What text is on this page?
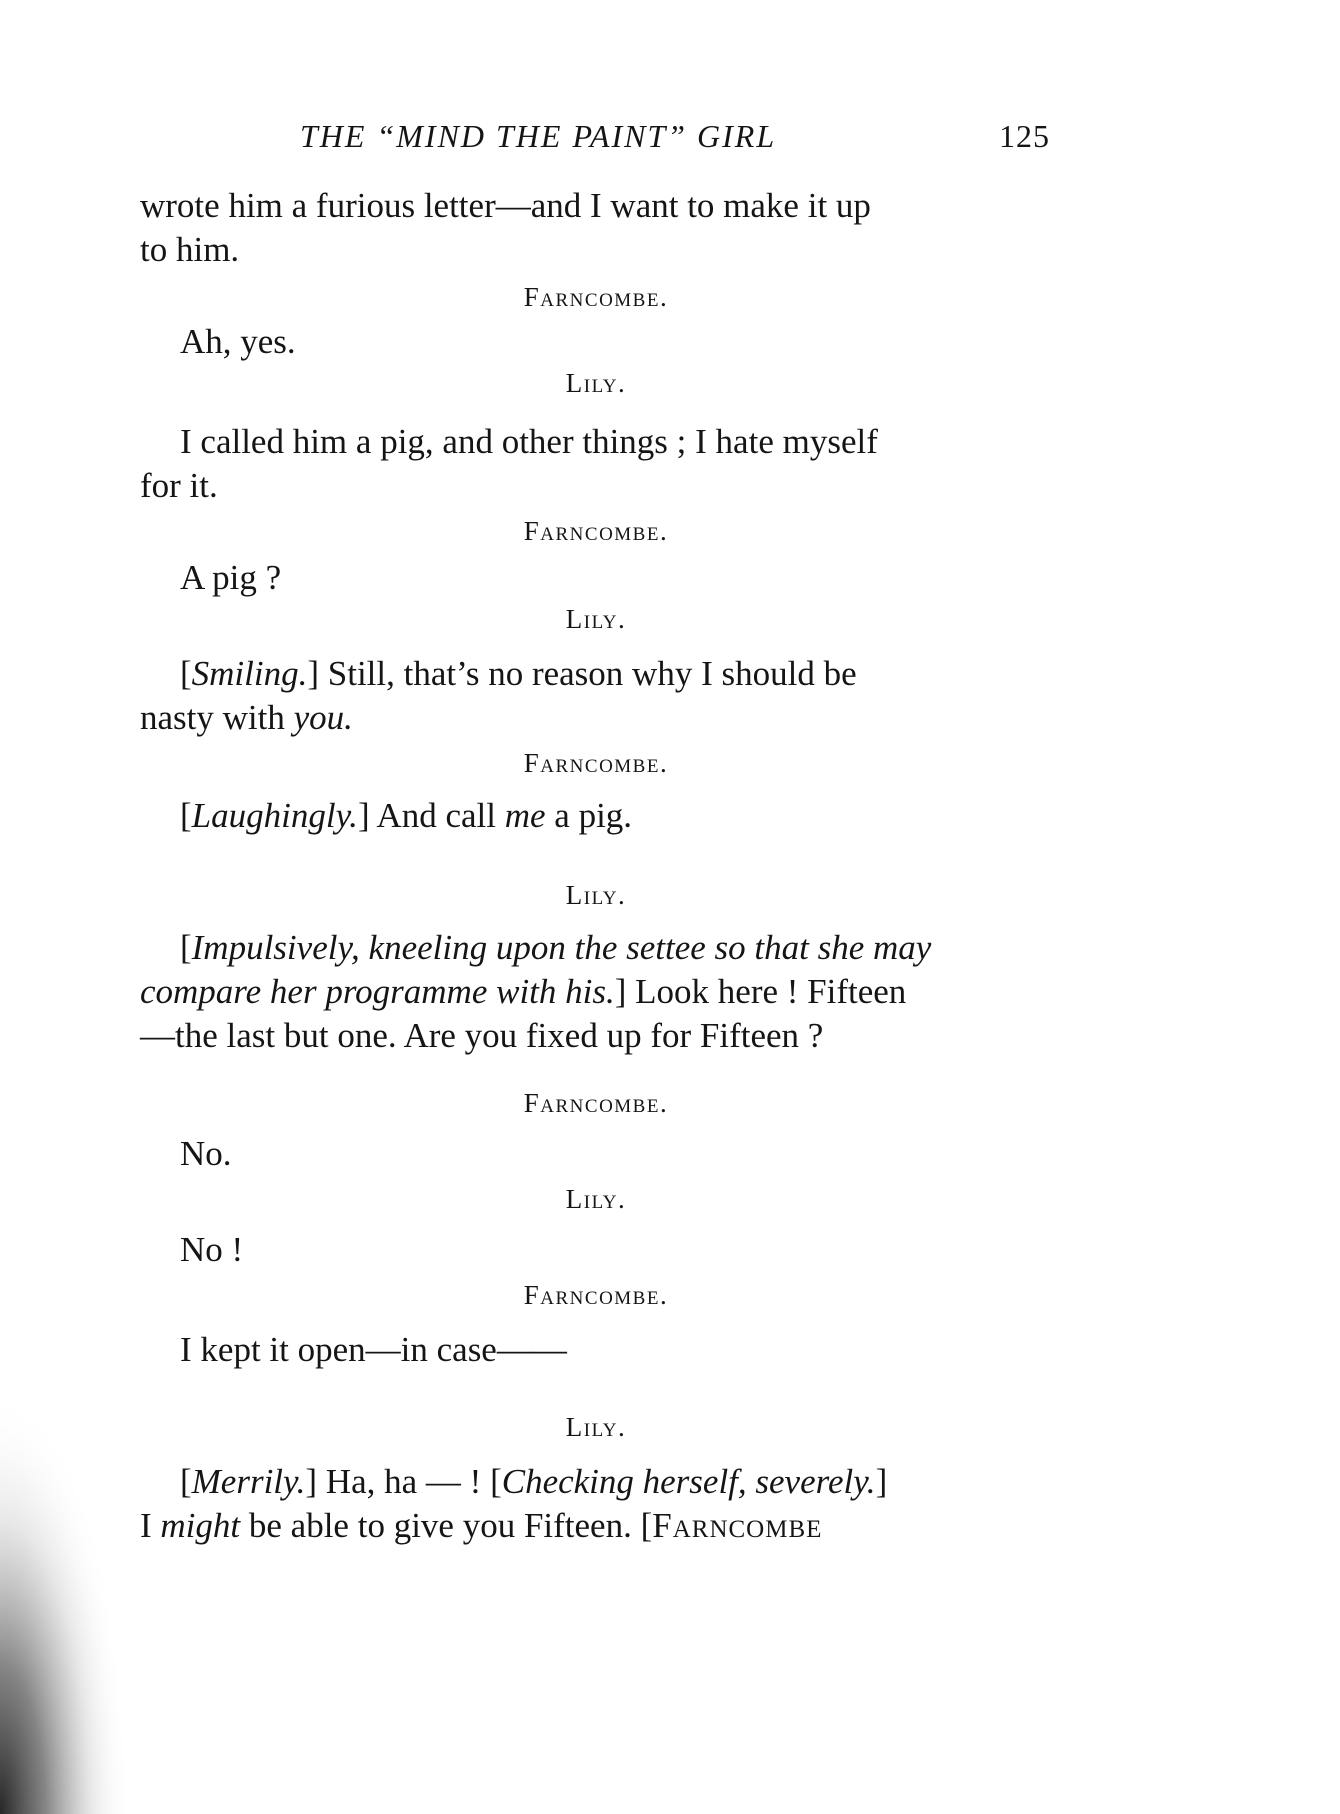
THE “MIND THE PAINT” GIRL	125
wrote him a furious letter—and I want to make it up
to him.
Farncombe.
Ah, yes.
Lily.
I called him a pig, and other things ; I hate myself
for it.
Farncombe.
A pig ?
Lily.
[Smiling.] Still, that’s no reason why I should be
nasty with you.
Farncombe.
[Laughingly.] And call me a pig.
Lily.
[Impulsively, kneeling upon the settee so that she may
compare her programme with his.] Look here ! Fifteen
—the last but one. Are you fixed up for Fifteen ?
Farncombe.
No.
Lily.
No !
Farncombe.
I kept it open—in case——
Lily.
[Merrily.] Ha, ha — ! [Checking herself, severely.]
I might be able to give you Fifteen. [Farncombe
